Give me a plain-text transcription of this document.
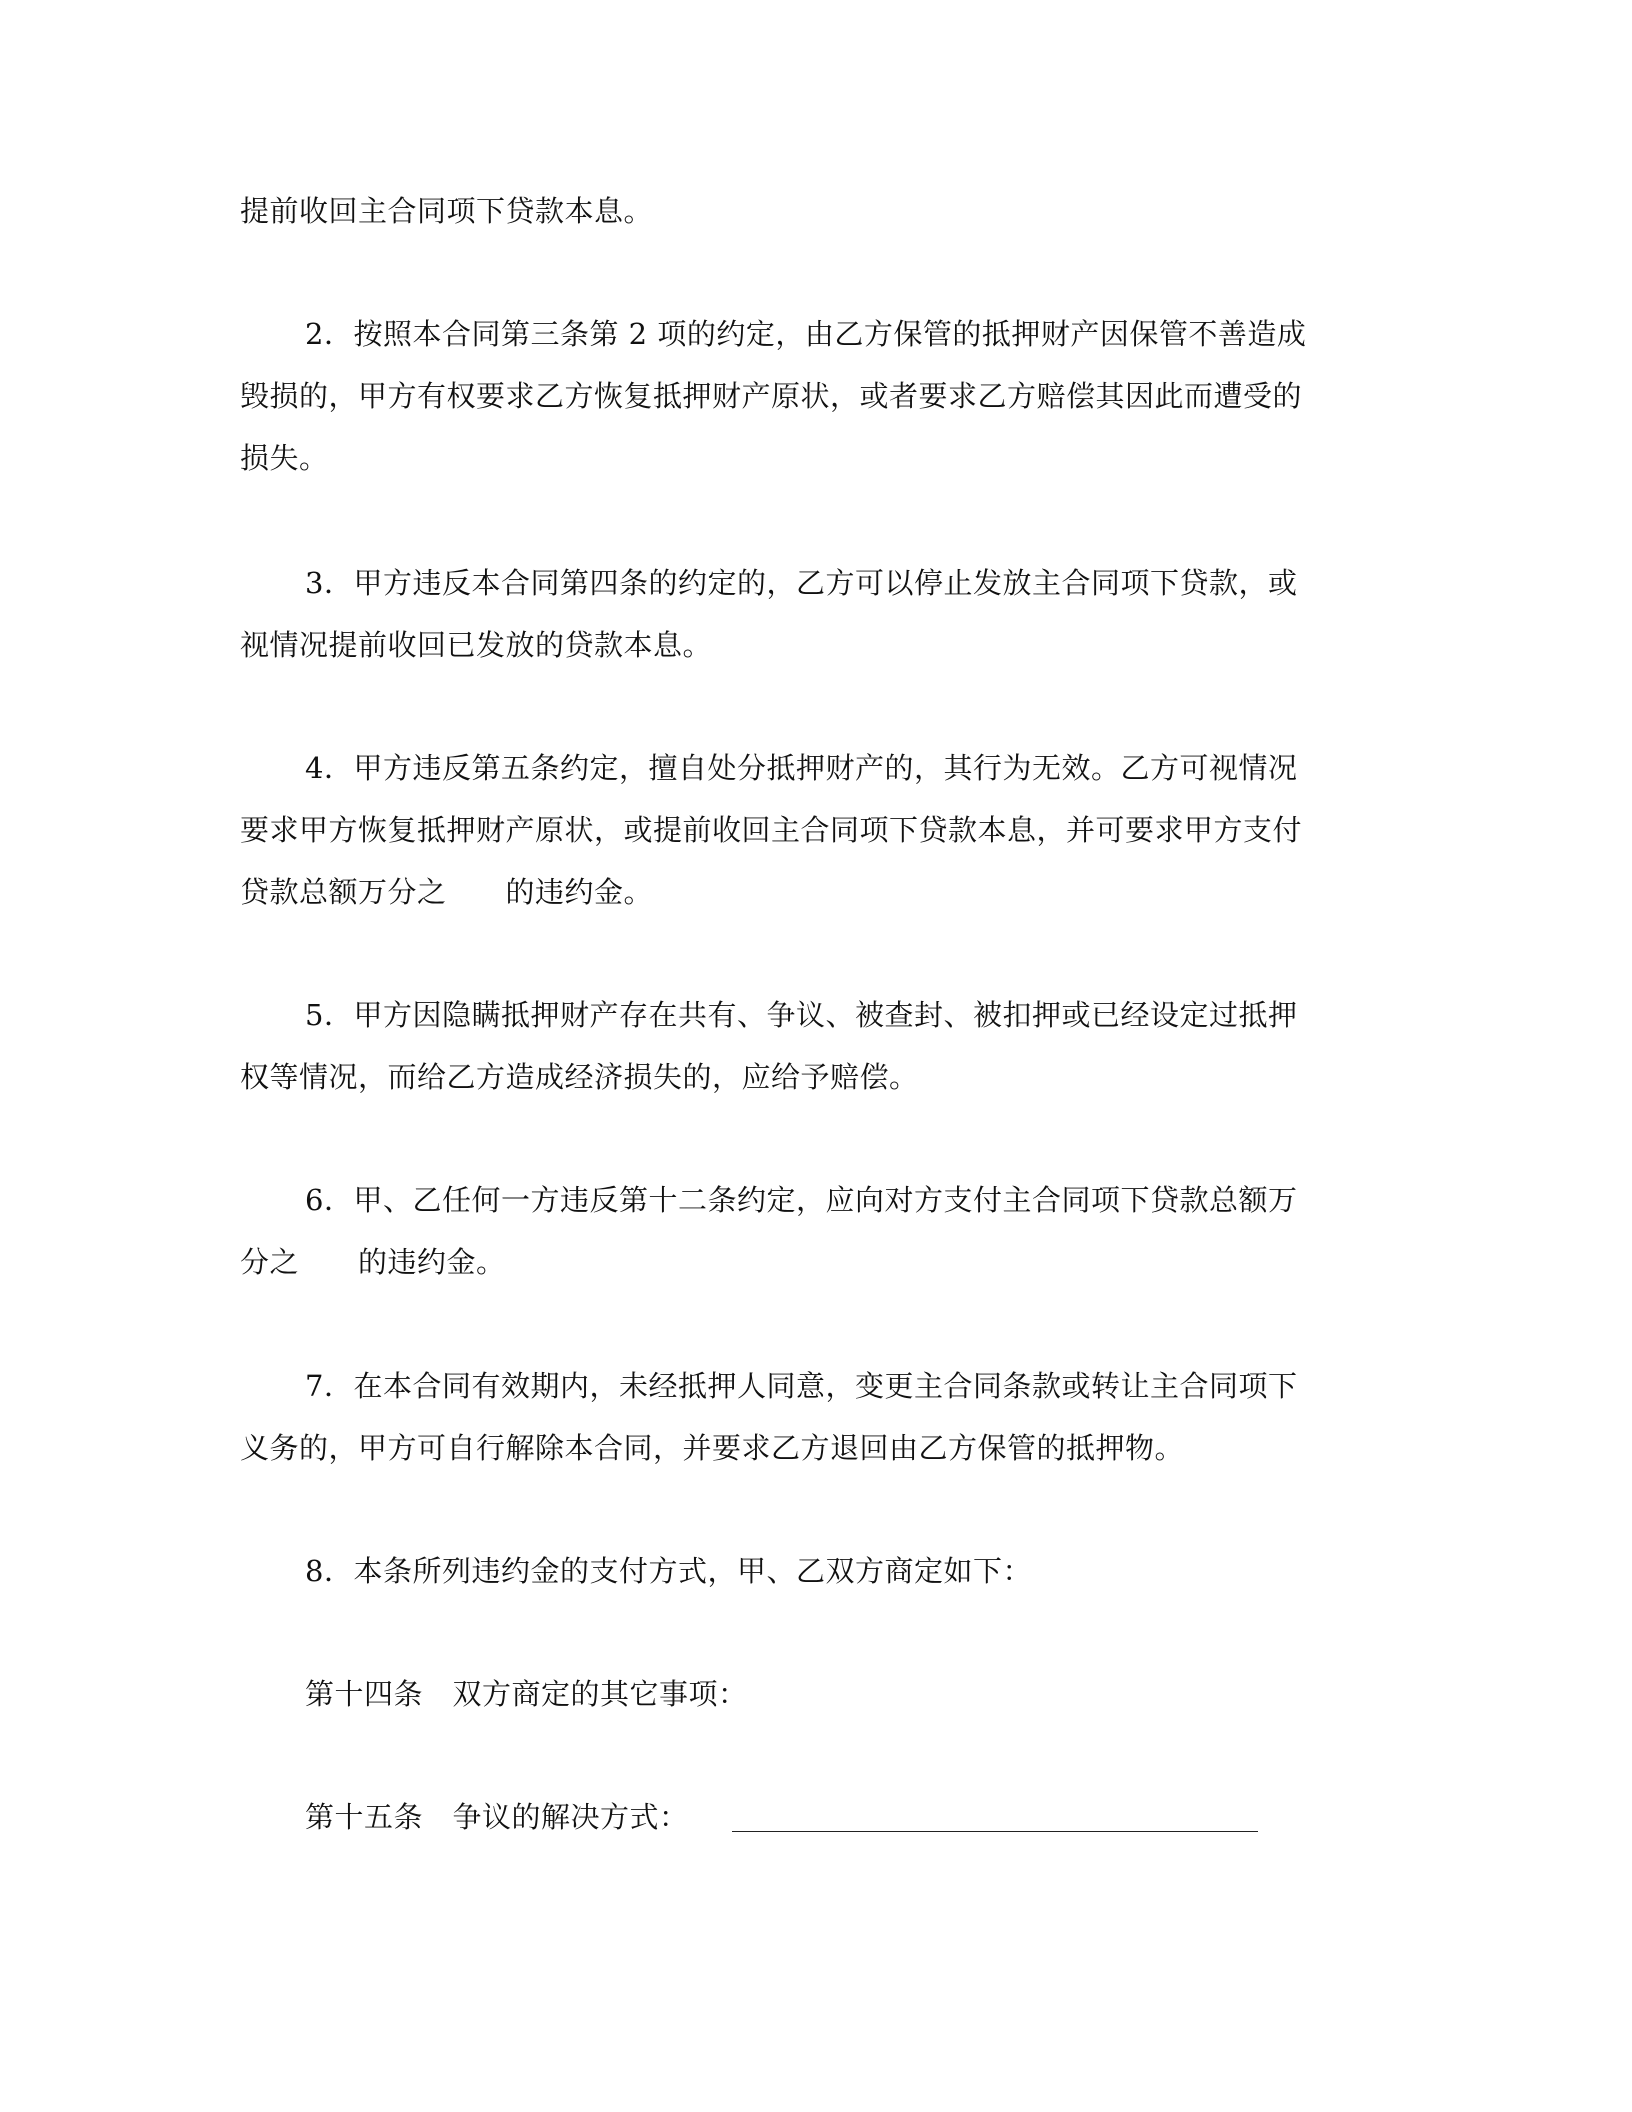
提前收回主合同项下贷款本息。
2．按照本合同第三条第 2 项的约定，由乙方保管的抵押财产因保管不善造成
毁损的，甲方有权要求乙方恢复抵押财产原状，或者要求乙方赔偿其因此而遭受的
损失。
3．甲方违反本合同第四条的约定的，乙方可以停止发放主合同项下贷款，或
视情况提前收回已发放的贷款本息。
4．甲方违反第五条约定，擅自处分抵押财产的，其行为无效。乙方可视情况
要求甲方恢复抵押财产原状，或提前收回主合同项下贷款本息，并可要求甲方支付
贷款总额万分之　　的违约金。
5．甲方因隐瞒抵押财产存在共有、争议、被查封、被扣押或已经设定过抵押
权等情况，而给乙方造成经济损失的，应给予赔偿。
6．甲、乙任何一方违反第十二条约定，应向对方支付主合同项下贷款总额万
分之　　的违约金。
7．在本合同有效期内，未经抵押人同意，变更主合同条款或转让主合同项下
义务的，甲方可自行解除本合同，并要求乙方退回由乙方保管的抵押物。
8．本条所列违约金的支付方式，甲、乙双方商定如下：
第十四条　双方商定的其它事项：
第十五条　争议的解决方式：
